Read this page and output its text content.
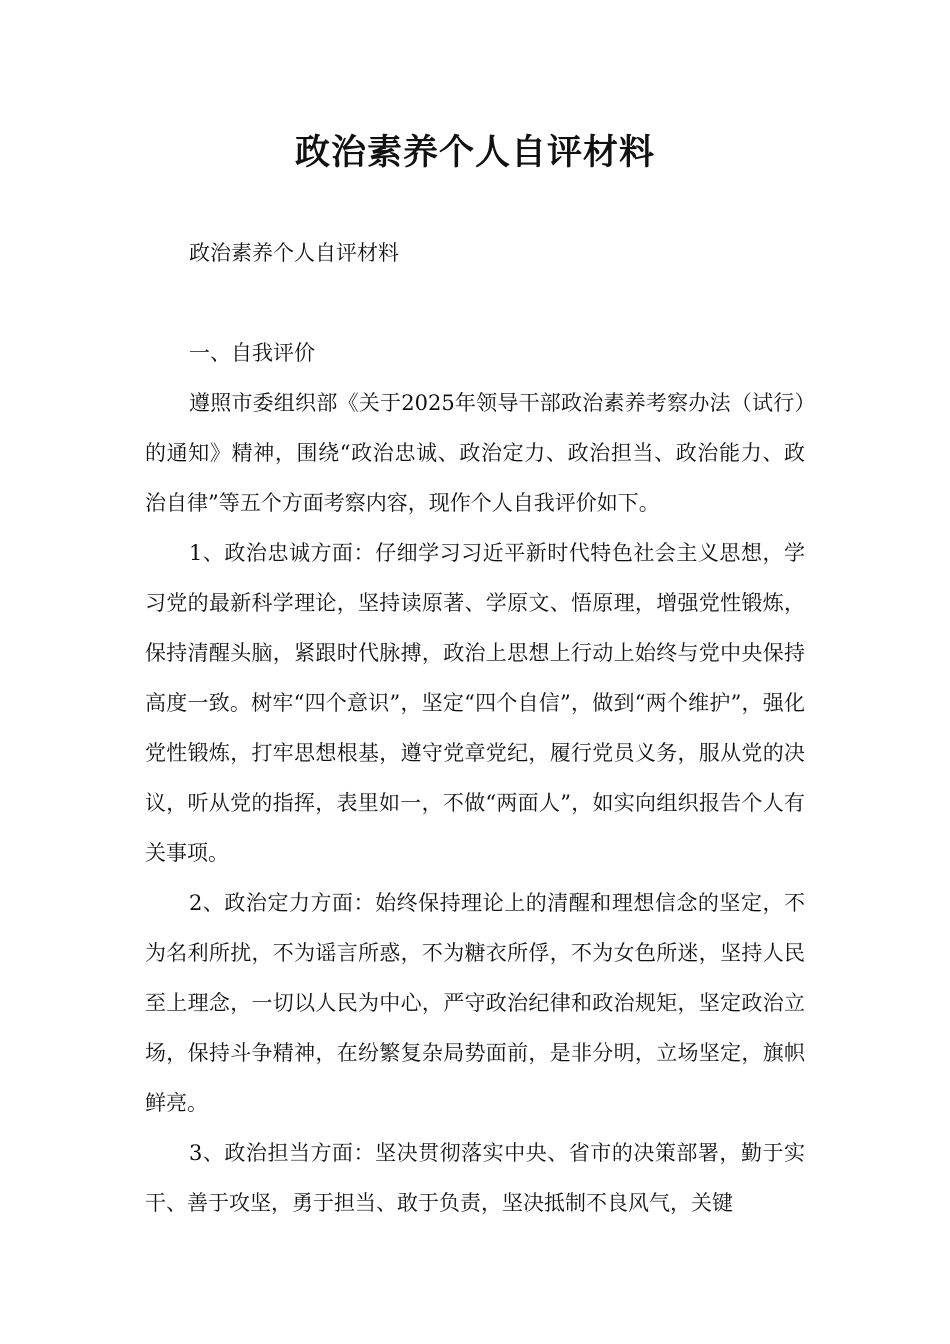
政治素养个人自评材料

政治素养个人自评材料

一、自我评价

遵照市委组织部《关于2025年领导干部政治素养考察办法（试行）的通知》精神，围绕“政治忠诚、政治定力、政治担当、政治能力、政治自律”等五个方面考察内容，现作个人自我评价如下。

1、政治忠诚方面：仔细学习习近平新时代特色社会主义思想，学习党的最新科学理论，坚持读原著、学原文、悟原理，增强党性锻炼，保持清醒头脑，紧跟时代脉搏，政治上思想上行动上始终与党中央保持高度一致。树牢“四个意识”，坚定“四个自信”，做到“两个维护”，强化党性锻炼，打牢思想根基，遵守党章党纪，履行党员义务，服从党的决议，听从党的指挥，表里如一，不做“两面人”，如实向组织报告个人有关事项。

2、政治定力方面：始终保持理论上的清醒和理想信念的坚定，不为名利所扰，不为谣言所惑，不为糖衣所俘，不为女色所迷，坚持人民至上理念，一切以人民为中心，严守政治纪律和政治规矩，坚定政治立场，保持斗争精神，在纷繁复杂局势面前，是非分明，立场坚定，旗帜鲜亮。

3、政治担当方面：坚决贯彻落实中央、省市的决策部署，勤于实干、善于攻坚，勇于担当、敢于负责，坚决抵制不良风气，关键
